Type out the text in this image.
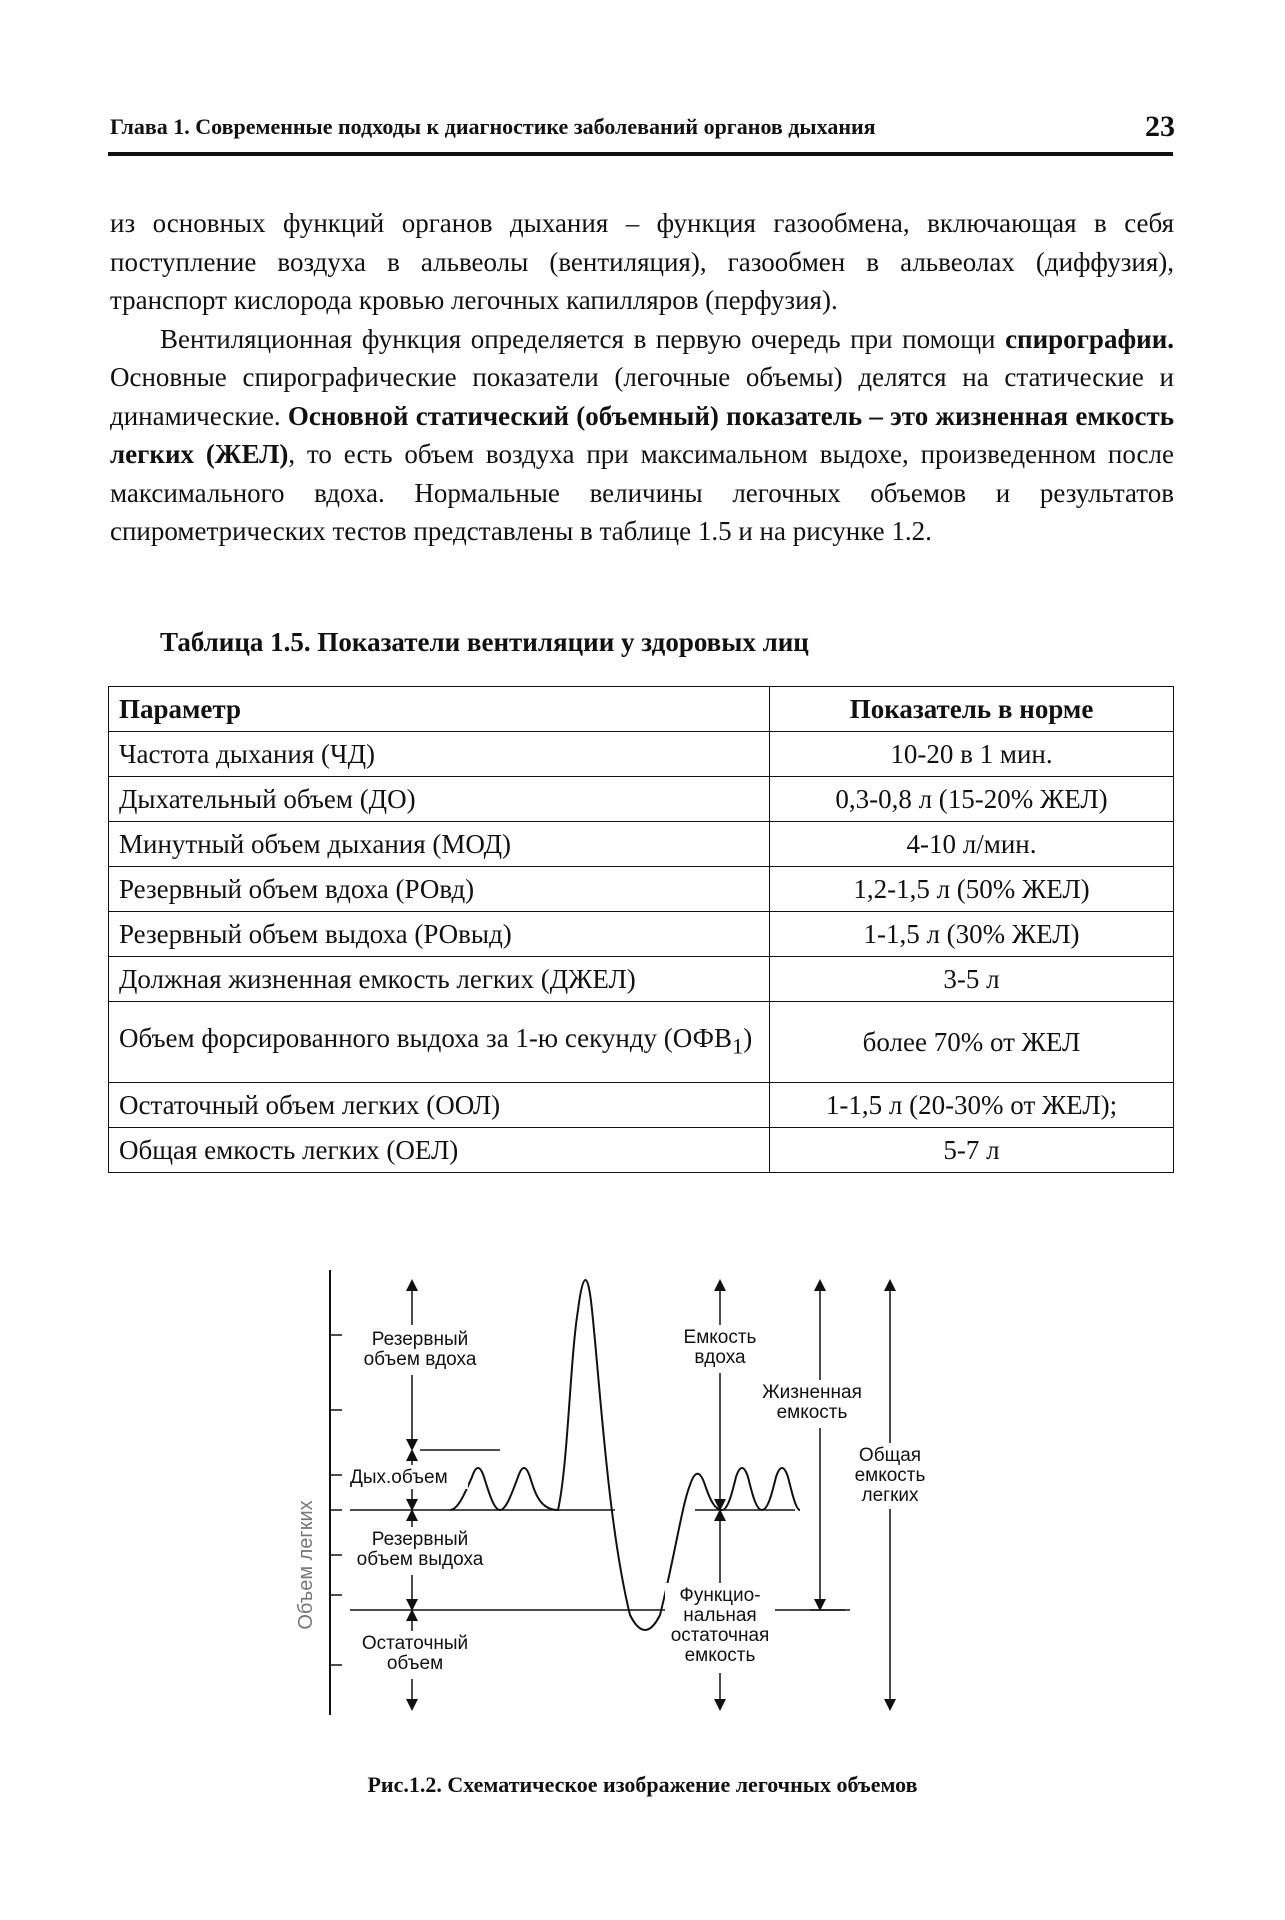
Глава 1. Современные подходы к диагностике заболеваний органов дыхания	23

из основных функций органов дыхания – функция газообмена, включающая в себя поступление воздуха в альвеолы (вентиляция), газообмен в альвеолах (диффузия), транспорт кислорода кровью легочных капилляров (перфузия).

Вентиляционная функция определяется в первую очередь при помощи спирографии. Основные спирографические показатели (легочные объемы) делятся на статические и динамические. Основной статический (объемный) показатель – это жизненная емкость легких (ЖЕЛ), то есть объем воздуха при максимальном выдохе, произведенном после максимального вдоха. Нормальные величины легочных объемов и результатов спирометрических тестов представлены в таблице 1.5 и на рисунке 1.2.

Таблица 1.5. Показатели вентиляции у здоровых лиц
Параметр	Показатель в норме
Частота дыхания (ЧД)	10-20 в 1 мин.
Дыхательный объем (ДО)	0,3-0,8 л (15-20% ЖЕЛ)
Минутный объем дыхания (МОД)	4-10 л/мин.
Резервный объем вдоха (РОвд)	1,2-1,5 л (50% ЖЕЛ)
Резервный объем выдоха (РОвыд)	1-1,5 л (30% ЖЕЛ)
Должная жизненная емкость легких (ДЖЕЛ)	3-5 л
Объем форсированного выдоха за 1-ю секунду $(ОФВ_1)$	более 70% от ЖЕЛ
Остаточный объем легких (ООЛ)	1-1,5 л (20-30% от ЖЕЛ);
Общая емкость легких (ОЕЛ)	5-7 л
Объем легких
Резервный
объем вдоха
Дых.объем
Резервный
объем выдоха
Остаточный
объем
Емкость
вдоха
Жизненная
емкость
Общая
емкость
легких
Функцио-
нальная
остаточная
емкость
Рис.1.2. Схематическое изображение легочных объемов
